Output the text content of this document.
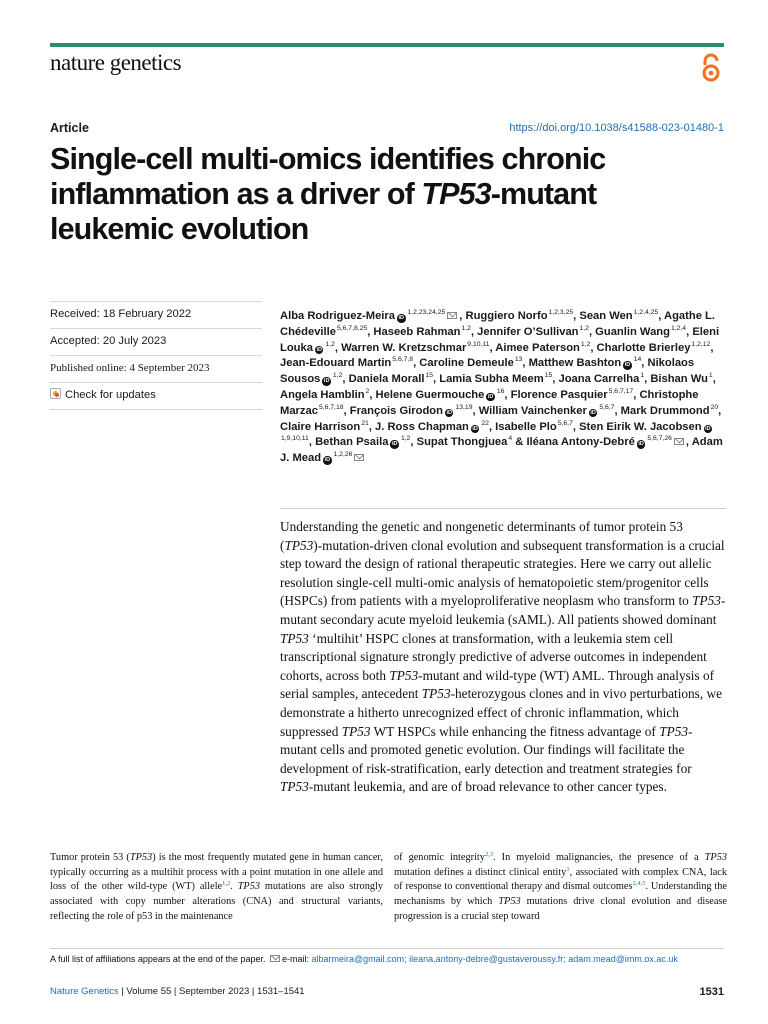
nature genetics
Article	https://doi.org/10.1038/s41588-023-01480-1
Single-cell multi-omics identifies chronic inflammation as a driver of TP53-mutant leukemic evolution
Received: 18 February 2022
Accepted: 20 July 2023
Published online: 4 September 2023
Check for updates
Alba Rodriguez-Meira iD$^{1,2,23,24,25}$ , Ruggiero Norfo$^{1,2,3,25}$, Sean Wen$^{1,2,4,25}$, Agathe L. Chédeville$^{5,6,7,8,25}$, Haseeb Rahman$^{1,2}$, Jennifer O’Sullivan$^{1,2}$, Guanlin Wang$^{1,2,4}$, Eleni Louka iD$^{1,2}$, Warren W. Kretzschmar$^{9,10,11}$, Aimee Paterson$^{1,2}$, Charlotte Brierley$^{1,2,12}$, Jean-Edouard Martin$^{5,6,7,8}$, Caroline Demeule$^{13}$, Matthew Bashton $iD^{14}$, Nikolaos Sousos iD$^{1,2}$, Daniela Morall$^{15}$, Lamia Subha Meem$^{15}$, Joana Carrelha$^1$, Bishan Wu$^1$, Angela Hamblin$^2$, Helene Guermouche $iD^{16}$, Florence Pasquier$^{5,6,7,17}$, Christophe Marzac$^{5,6,7,18}$, François Girodon iD$^{13,19}$, William Vainchenker iD$^{5,6,7}$, Mark Drummond$^{20}$, Claire Harrison$^{21}$, J. Ross Chapman $iD^{22}$, Isabelle Plo$^{5,6,7}$, Sten Eirik W. Jacobsen iD$^{1,9,10,11}$, Bethan Psaila iD$^{1,2}$, Supat Thongjuea$^4$ & Iléana Antony-Debré iD$^{5,6,7,26}$ , Adam J. Mead iD$^{1,2,26}$
Understanding the genetic and nongenetic determinants of tumor protein 53 (TP53)-mutation-driven clonal evolution and subsequent transformation is a crucial step toward the design of rational therapeutic strategies. Here we carry out allelic resolution single-cell multi-omic analysis of hematopoietic stem/progenitor cells (HSPCs) from patients with a myeloproliferative neoplasm who transform to TP53-mutant secondary acute myeloid leukemia (sAML). All patients showed dominant TP53 ‘multihit’ HSPC clones at transformation, with a leukemia stem cell transcriptional signature strongly predictive of adverse outcomes in independent cohorts, across both TP53-mutant and wild-type (WT) AML. Through analysis of serial samples, antecedent TP53-heterozygous clones and in vivo perturbations, we demonstrate a hitherto unrecognized effect of chronic inflammation, which suppressed TP53 WT HSPCs while enhancing the fitness advantage of TP53-mutant cells and promoted genetic evolution. Our findings will facilitate the development of risk-stratification, early detection and treatment strategies for TP53-mutant leukemia, and are of broad relevance to other cancer types.
Tumor protein 53 (TP53) is the most frequently mutated gene in human cancer, typically occurring as a multihit process with a point mutation in one allele and loss of the other wild-type (WT) allele$^{1,2}$. TP53 mutations are also strongly associated with copy number alterations (CNA) and structural variants, reflecting the role of p53 in the maintenance
of genomic integrity$^{2,3}$. In myeloid malignancies, the presence of a TP53 mutation defines a distinct clinical entity$^1$, associated with complex CNA, lack of response to conventional therapy and dismal outcomes$^{2,4,5}$. Understanding the mechanisms by which TP53 mutations drive clonal evolution and disease progression is a crucial step toward
A full list of affiliations appears at the end of the paper. e-mail: albarmeira@gmail.com; ileana.antony-debre@gustaveroussy.fr; adam.mead@imm.ox.ac.uk
Nature Genetics | Volume 55 | September 2023 | 1531–1541	1531
